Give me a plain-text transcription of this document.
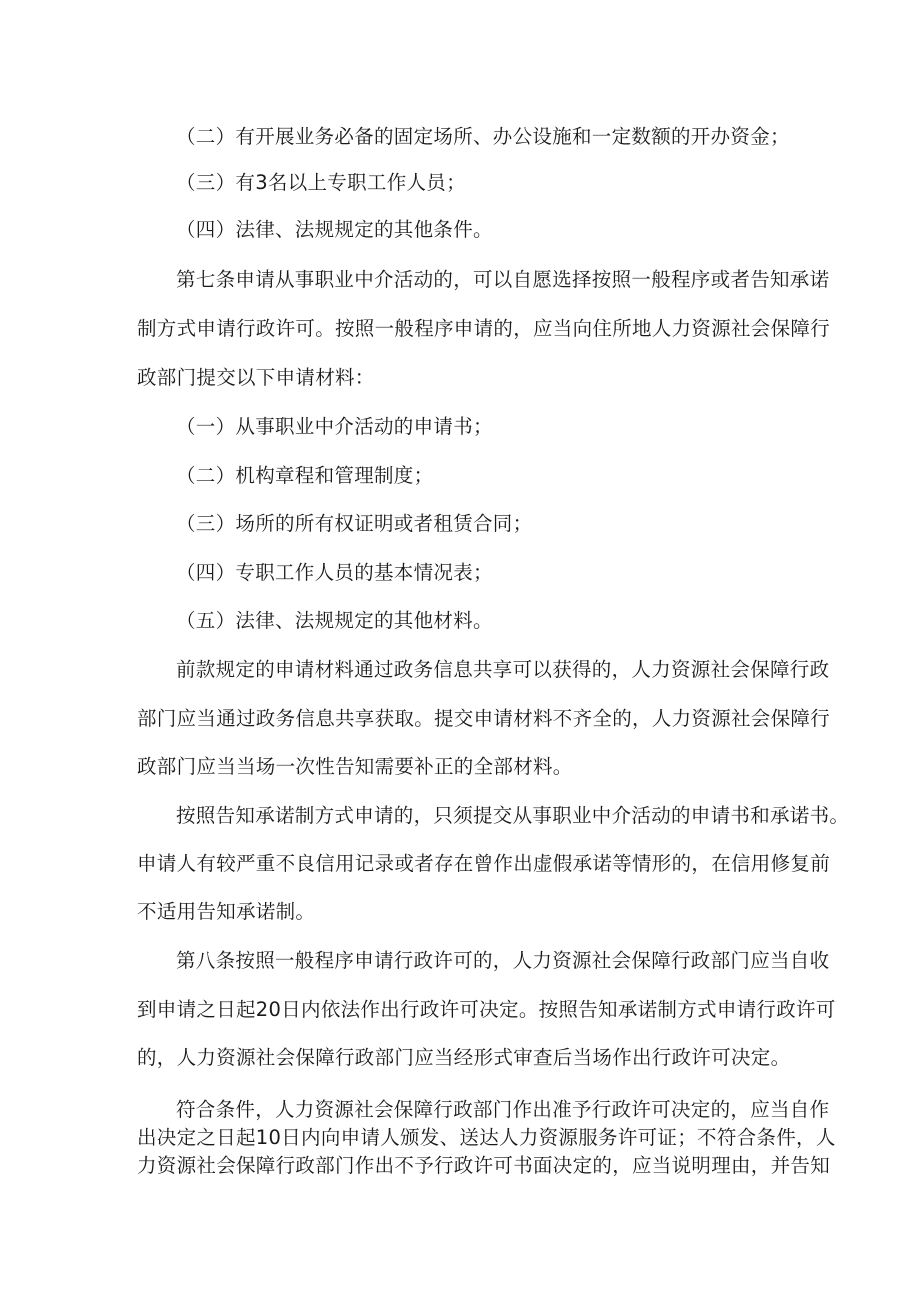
（二）有开展业务必备的固定场所、办公设施和一定数额的开办资金；
（三）有3名以上专职工作人员；
（四）法律、法规规定的其他条件。
第七条申请从事职业中介活动的，可以自愿选择按照一般程序或者告知承诺
制方式申请行政许可。按照一般程序申请的，应当向住所地人力资源社会保障行
政部门提交以下申请材料：
（一）从事职业中介活动的申请书；
（二）机构章程和管理制度；
（三）场所的所有权证明或者租赁合同；
（四）专职工作人员的基本情况表；
（五）法律、法规规定的其他材料。
前款规定的申请材料通过政务信息共享可以获得的，人力资源社会保障行政
部门应当通过政务信息共享获取。提交申请材料不齐全的，人力资源社会保障行
政部门应当当场一次性告知需要补正的全部材料。
按照告知承诺制方式申请的，只须提交从事职业中介活动的申请书和承诺书。
申请人有较严重不良信用记录或者存在曾作出虚假承诺等情形的，在信用修复前
不适用告知承诺制。
第八条按照一般程序申请行政许可的，人力资源社会保障行政部门应当自收
到申请之日起20日内依法作出行政许可决定。按照告知承诺制方式申请行政许可
的，人力资源社会保障行政部门应当经形式审查后当场作出行政许可决定。
符合条件，人力资源社会保障行政部门作出准予行政许可决定的，应当自作
出决定之日起10日内向申请人颁发、送达人力资源服务许可证；不符合条件，人
力资源社会保障行政部门作出不予行政许可书面决定的，应当说明理由，并告知
